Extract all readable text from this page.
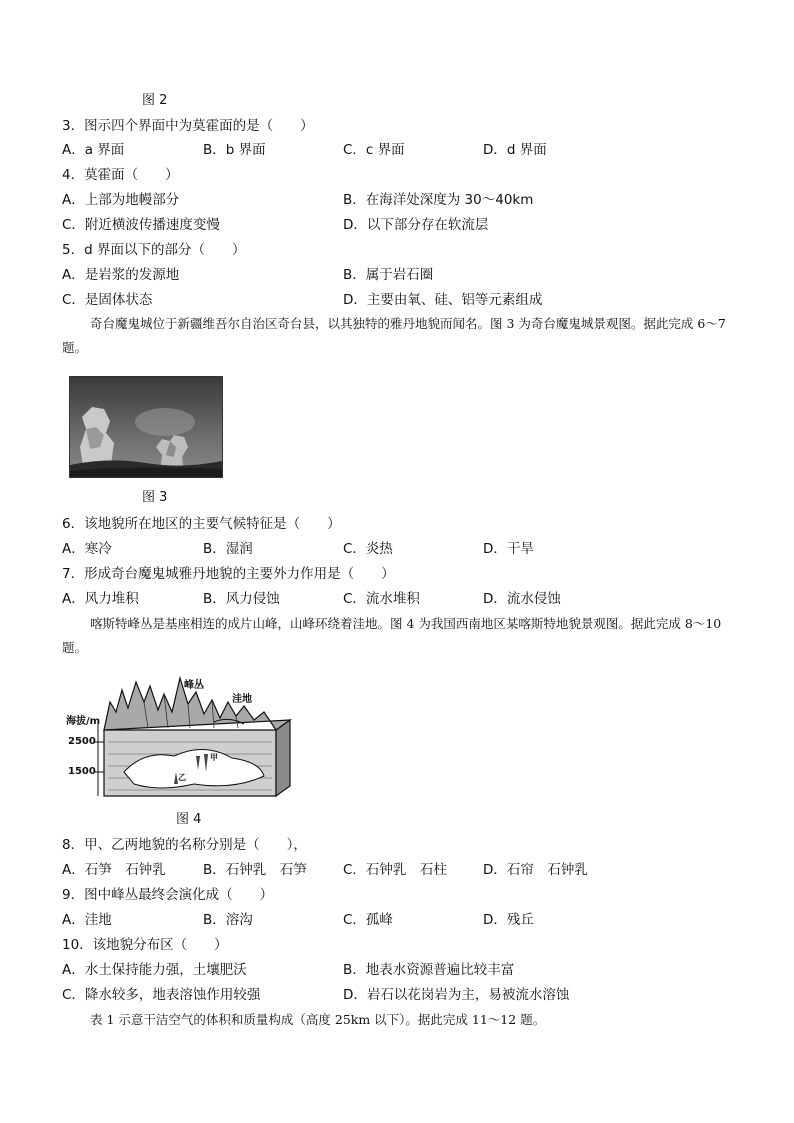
图 2
3．图示四个界面中为莫霍面的是（　　）
A．a 界面	B．b 界面	C．c 界面	D．d 界面
4．莫霍面（　　）
A．上部为地幔部分	B．在海洋处深度为 30～40km
C．附近横波传播速度变慢	D．以下部分存在软流层
5．d 界面以下的部分（　　）
A．是岩浆的发源地	B．属于岩石圈
C．是固体状态	D．主要由氧、硅、铝等元素组成
奇台魔鬼城位于新疆维吾尔自治区奇台县，以其独特的雅丹地貌而闻名。图 3 为奇台魔鬼城景观图。据此完成 6～7 题。
图 3
6．该地貌所在地区的主要气候特征是（　　）
A．寒冷	B．湿润	C．炎热	D．干旱
7．形成奇台魔鬼城雅丹地貌的主要外力作用是（　　）
A．风力堆积	B．风力侵蚀	C．流水堆积	D．流水侵蚀
喀斯特峰丛是基座相连的成片山峰，山峰环绕着洼地。图 4 为我国西南地区某喀斯特地貌景观图。据此完成 8～10 题。
峰丛
洼地
海拔/m
2500
1500
甲
乙
图 4
8．甲、乙两地貌的名称分别是（　　），
A．石笋　石钟乳	B．石钟乳　石笋	C．石钟乳　石柱	D．石帘　石钟乳
9．图中峰丛最终会演化成（　　）
A．洼地	B．溶沟	C．孤峰	D．残丘
10．该地貌分布区（　　）
A．水土保持能力强，土壤肥沃	B．地表水资源普遍比较丰富
C．降水较多，地表溶蚀作用较强	D．岩石以花岗岩为主，易被流水溶蚀
表 1 示意干洁空气的体积和质量构成（高度 25km 以下）。据此完成 11～12 题。
